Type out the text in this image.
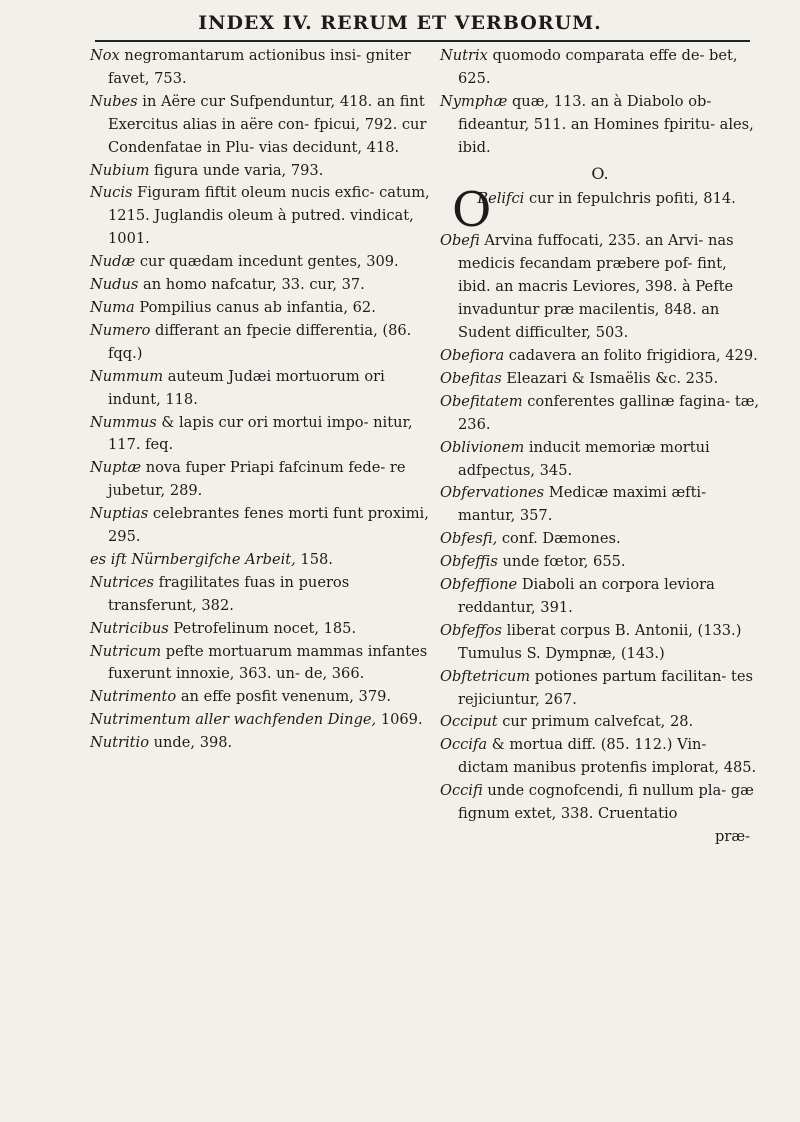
INDEX IV. RERUM ET VERBORUM.

Nox negromantarum actionibus insi- gniter favet, 753.

Nubes in Aëre cur Sufpenduntur, 418. an fint Exercitus alias in aëre con- fpicui, 792. cur Condenfatae in Plu- vias decidunt, 418.

Nubium figura unde varia, 793.

Nucis Figuram fiftit oleum nucis exfic- catum, 1215. Juglandis oleum à putred. vindicat, 1001.

Nudæ cur quædam incedunt gentes, 309.

Nudus an homo nafcatur, 33. cur, 37.

Numa Pompilius canus ab infantia, 62.

Numero differant an fpecie differentia, (86. fqq.)

Nummum auteum Judæi mortuorum ori indunt, 118.

Nummus & lapis cur ori mortui impo- nitur, 117. feq.

Nuptæ nova fuper Priapi fafcinum fede- re jubetur, 289.

Nuptias celebrantes fenes morti funt proximi, 295.

es ift Nürnbergifche Arbeit, 158.

Nutrices fragilitates fuas in pueros transferunt, 382.

Nutricibus Petrofelinum nocet, 185.

Nutricum pefte mortuarum mammas infantes fuxerunt innoxie, 363. un- de, 366.

Nutrimento an effe posfit venenum, 379.

Nutrimentum aller wachfenden Dinge, 1069.

Nutritio unde, 398.

Nutrix quomodo comparata effe de- bet, 625.

Nymphæ quæ, 113. an à Diabolo ob- fideantur, 511. an Homines fpiritu- ales, ibid.

O.

O
Belifci cur in fepulchris pofiti, 814.

Obefi Arvina fuffocati, 235. an Arvi- nas medicis fecandam præbere pof- fint, ibid. an macris Leviores, 398. à Pefte invaduntur præ macilentis, 848. an Sudent difficulter, 503.

Obefiora cadavera an folito frigidiora, 429.

Obefitas Eleazari & Ismaëlis &c. 235.

Obefitatem conferentes gallinæ fagina- tæ, 236.

Oblivionem inducit memoriæ mortui adfpectus, 345.

Obfervationes Medicæ maximi æfti- mantur, 357.

Obfesfi, conf. Dæmones.

Obfeffis unde fœtor, 655.

Obfeffione Diaboli an corpora leviora reddantur, 391.

Obfeffos liberat corpus B. Antonii, (133.) Tumulus S. Dympnæ, (143.)

Obftetricum potiones partum facilitan- tes rejiciuntur, 267.

Occiput cur primum calvefcat, 28.

Occifa & mortua diff. (85. 112.) Vin- dictam manibus protenfis implorat, 485.

Occifi unde cognofcendi, fi nullum pla- gæ fignum extet, 338. Cruentatio

præ-
